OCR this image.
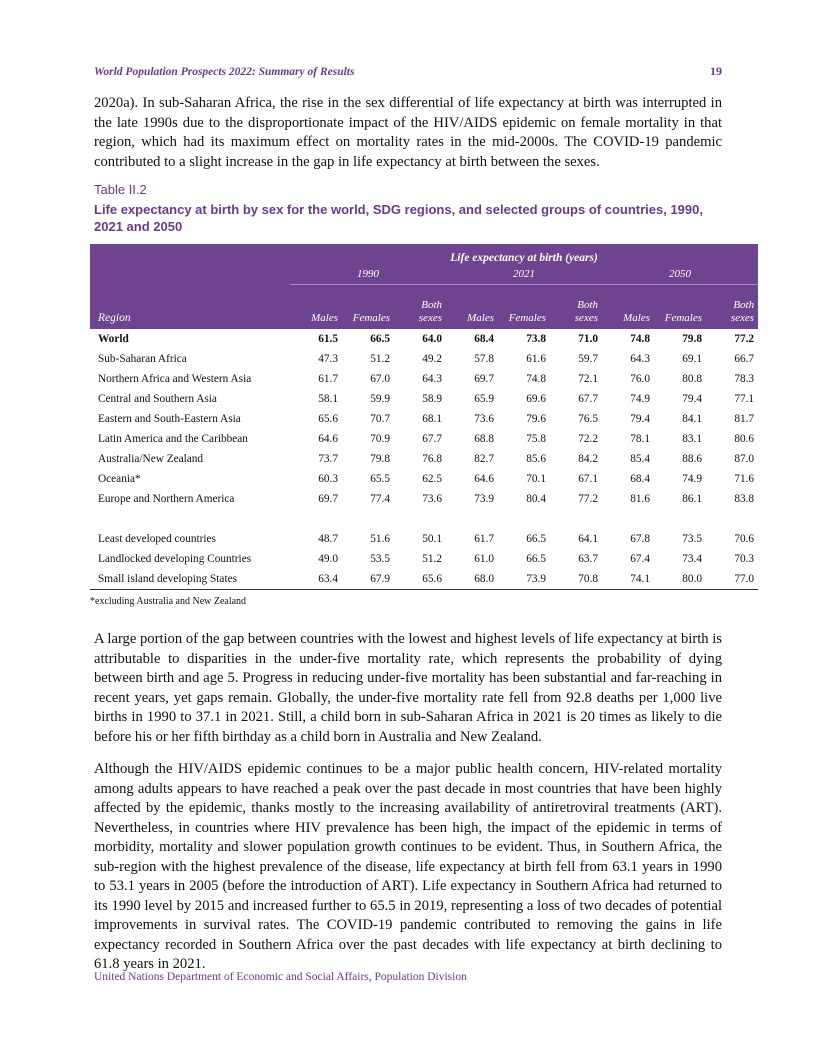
World Population Prospects 2022: Summary of Results	19

2020a). In sub-Saharan Africa, the rise in the sex differential of life expectancy at birth was interrupted in the late 1990s due to the disproportionate impact of the HIV/AIDS epidemic on female mortality in that region, which had its maximum effect on mortality rates in the mid-2000s. The COVID-19 pandemic contributed to a slight increase in the gap in life expectancy at birth between the sexes.

Table II.2
Life expectancy at birth by sex for the world, SDG regions, and selected groups of countries, 1990, 2021 and 2050
	Life expectancy at birth (years)								
	1990			2021			2050		
Region	Males	Females	Both
sexes	Males	Females	Both
sexes	Males	Females	Both
sexes
World	61.5	66.5	64.0	68.4	73.8	71.0	74.8	79.8	77.2
Sub-Saharan Africa	47.3	51.2	49.2	57.8	61.6	59.7	64.3	69.1	66.7
Northern Africa and Western Asia	61.7	67.0	64.3	69.7	74.8	72.1	76.0	80.8	78.3
Central and Southern Asia	58.1	59.9	58.9	65.9	69.6	67.7	74.9	79.4	77.1
Eastern and South-Eastern Asia	65.6	70.7	68.1	73.6	79.6	76.5	79.4	84.1	81.7
Latin America and the Caribbean	64.6	70.9	67.7	68.8	75.8	72.2	78.1	83.1	80.6
Australia/New Zealand	73.7	79.8	76.8	82.7	85.6	84.2	85.4	88.6	87.0
Oceania*	60.3	65.5	62.5	64.6	70.1	67.1	68.4	74.9	71.6
Europe and Northern America	69.7	77.4	73.6	73.9	80.4	77.2	81.6	86.1	83.8

Least developed countries	48.7	51.6	50.1	61.7	66.5	64.1	67.8	73.5	70.6
Landlocked developing Countries	49.0	53.5	51.2	61.0	66.5	63.7	67.4	73.4	70.3
Small island developing States	63.4	67.9	65.6	68.0	73.9	70.8	74.1	80.0	77.0

*excluding Australia and New Zealand

A large portion of the gap between countries with the lowest and highest levels of life expectancy at birth is attributable to disparities in the under-five mortality rate, which represents the probability of dying between birth and age 5. Progress in reducing under-five mortality has been substantial and far-reaching in recent years, yet gaps remain. Globally, the under-five mortality rate fell from 92.8 deaths per 1,000 live births in 1990 to 37.1 in 2021. Still, a child born in sub-Saharan Africa in 2021 is 20 times as likely to die before his or her fifth birthday as a child born in Australia and New Zealand.

Although the HIV/AIDS epidemic continues to be a major public health concern, HIV-related mortality among adults appears to have reached a peak over the past decade in most countries that have been highly affected by the epidemic, thanks mostly to the increasing availability of antiretroviral treatments (ART). Nevertheless, in countries where HIV prevalence has been high, the impact of the epidemic in terms of morbidity, mortality and slower population growth continues to be evident. Thus, in Southern Africa, the sub-region with the highest prevalence of the disease, life expectancy at birth fell from 63.1 years in 1990 to 53.1 years in 2005 (before the introduction of ART). Life expectancy in Southern Africa had returned to its 1990 level by 2015 and increased further to 65.5 in 2019, representing a loss of two decades of potential improvements in survival rates. The COVID-19 pandemic contributed to removing the gains in life expectancy recorded in Southern Africa over the past decades with life expectancy at birth declining to 61.8 years in 2021.

United Nations Department of Economic and Social Affairs, Population Division
